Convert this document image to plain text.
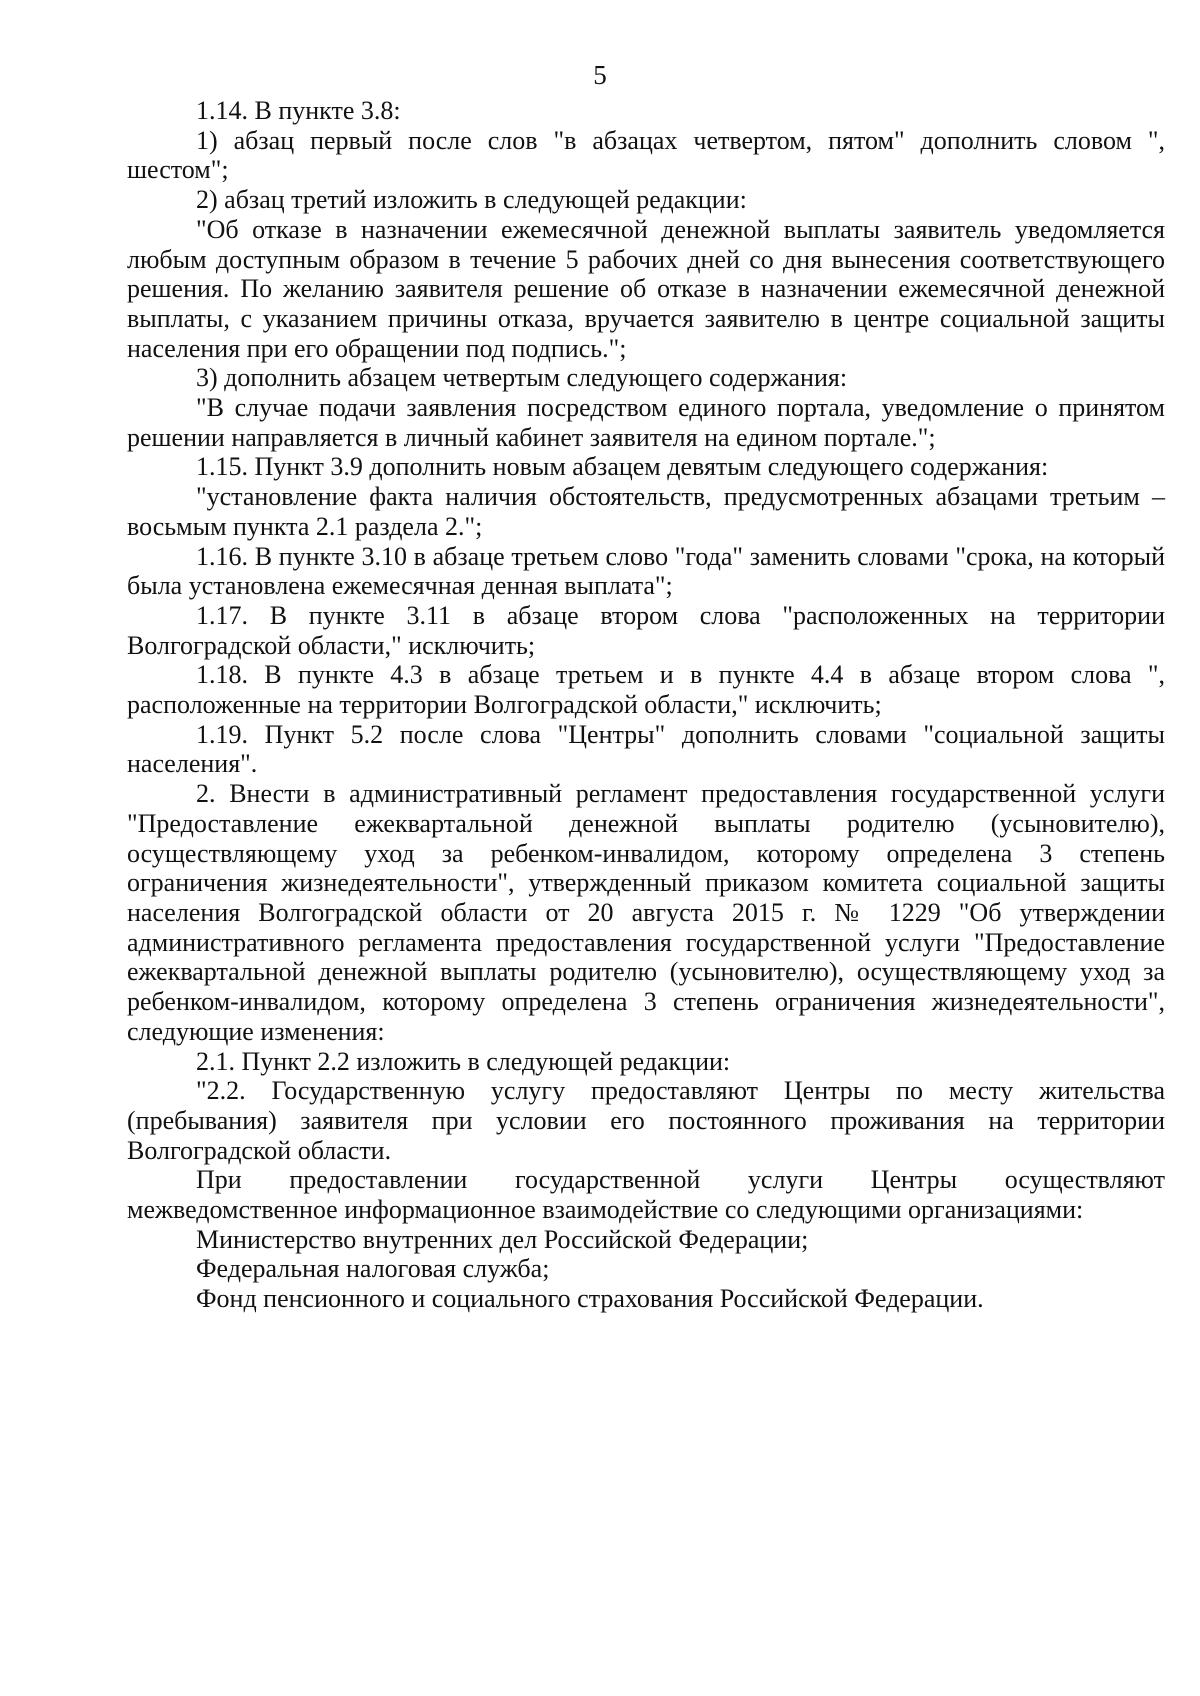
5

1.14. В пункте 3.8:

1) абзац первый после слов "в абзацах четвертом, пятом" дополнить словом ", шестом";

2) абзац третий изложить в следующей редакции:

"Об отказе в назначении ежемесячной денежной выплаты заявитель уведомляется любым доступным образом в течение 5 рабочих дней со дня вынесения соответствующего решения. По желанию заявителя решение об отказе в назначении ежемесячной денежной выплаты, с указанием причины отказа, вручается заявителю в центре социальной защиты населения при его обращении под подпись.";

3) дополнить абзацем четвертым следующего содержания:

"В случае подачи заявления посредством единого портала, уведомление о принятом решении направляется в личный кабинет заявителя на едином портале.";

1.15. Пункт 3.9 дополнить новым абзацем девятым следующего содержания:

"установление факта наличия обстоятельств, предусмотренных абзацами третьим – восьмым пункта 2.1 раздела 2.";

1.16. В пункте 3.10 в абзаце третьем слово "года" заменить словами "срока, на который была установлена ежемесячная денная выплата";

1.17. В пункте 3.11 в абзаце втором слова "расположенных на территории Волгоградской области," исключить;

1.18. В пункте 4.3 в абзаце третьем и в пункте 4.4 в абзаце втором слова ", расположенные на территории Волгоградской области," исключить;

1.19. Пункт 5.2 после слова "Центры" дополнить словами "социальной защиты населения".

2. Внести в административный регламент предоставления государственной услуги "Предоставление ежеквартальной денежной выплаты родителю (усыновителю), осуществляющему уход за ребенком-инвалидом, которому определена 3 степень ограничения жизнедеятельности", утвержденный приказом комитета социальной защиты населения Волгоградской области от 20 августа 2015 г. № 1229 "Об утверждении административного регламента предоставления государственной услуги "Предоставление ежеквартальной денежной выплаты родителю (усыновителю), осуществляющему уход за ребенком-инвалидом, которому определена 3 степень ограничения жизнедеятельности", следующие изменения:

2.1. Пункт 2.2 изложить в следующей редакции:

"2.2. Государственную услугу предоставляют Центры по месту жительства (пребывания) заявителя при условии его постоянного проживания на территории Волгоградской области.

При предоставлении государственной услуги Центры осуществляют межведомственное информационное взаимодействие со следующими организациями:

Министерство внутренних дел Российской Федерации;

Федеральная налоговая служба;

Фонд пенсионного и социального страхования Российской Федерации.
